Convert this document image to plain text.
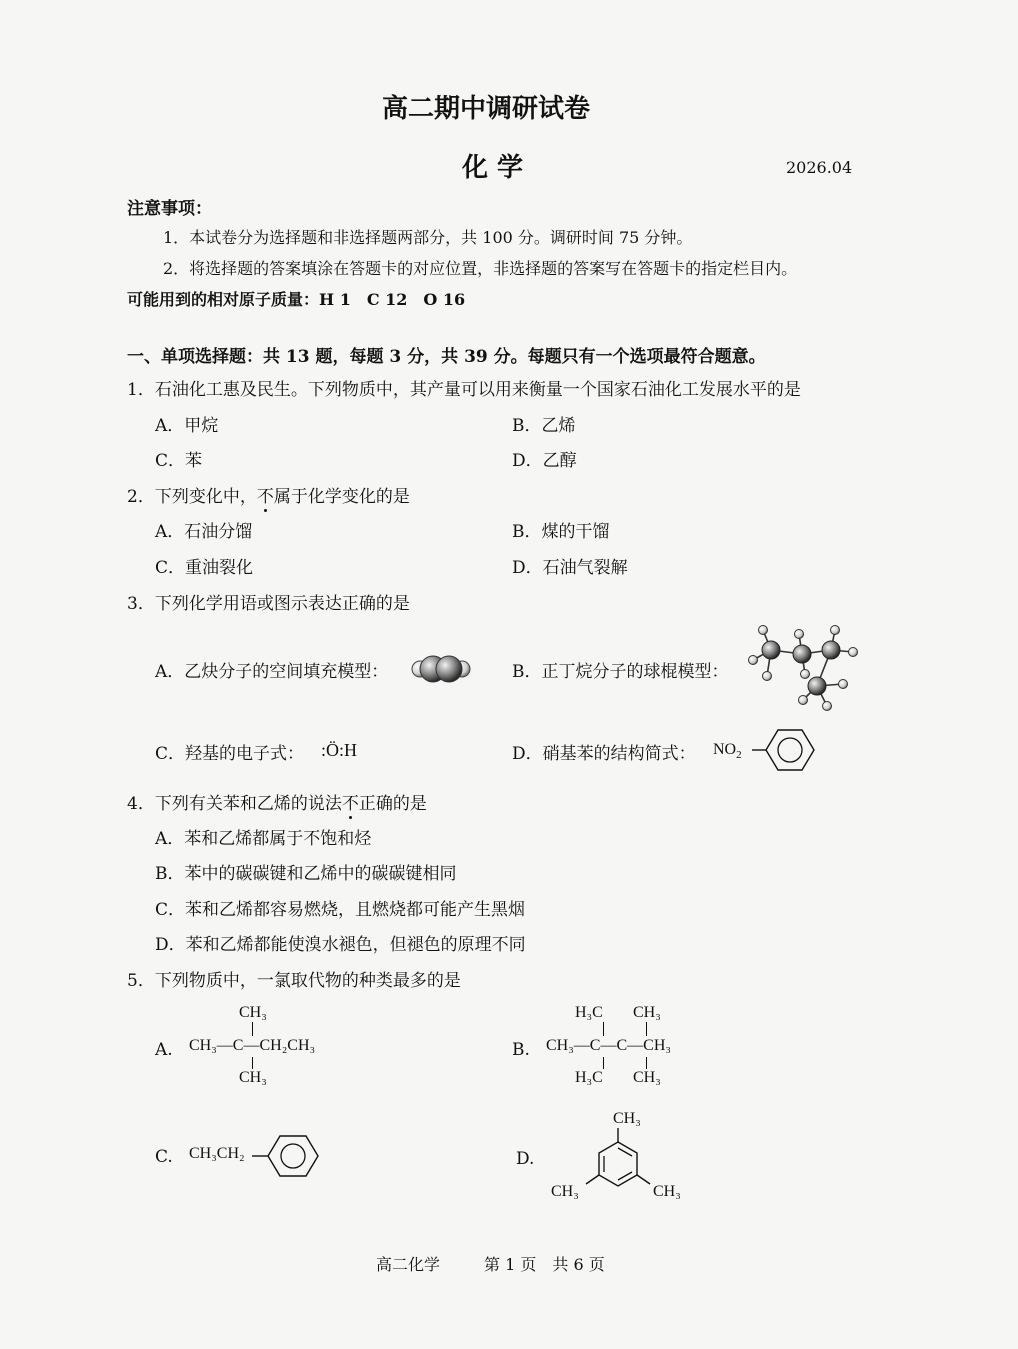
高二期中调研试卷
化 学	2026.04
注意事项：
1．本试卷分为选择题和非选择题两部分，共 100 分。调研时间 75 分钟。
2．将选择题的答案填涂在答题卡的对应位置，非选择题的答案写在答题卡的指定栏目内。
可能用到的相对原子质量：H 1　C 12　O 16
一、单项选择题：共 13 题，每题 3 分，共 39 分。每题只有一个选项最符合题意。
1．石油化工惠及民生。下列物质中，其产量可以用来衡量一个国家石油化工发展水平的是
A．甲烷	B．乙烯
C．苯	D．乙醇
2．下列变化中，不属于化学变化的是
A．石油分馏	B．煤的干馏
C．重油裂化	D．石油气裂解
3．下列化学用语或图示表达正确的是
A．乙炔分子的空间填充模型：	B．正丁烷分子的球棍模型：
C．羟基的电子式： :Ö:H	D．硝基苯的结构简式： $NO_2$
4．下列有关苯和乙烯的说法不正确的是
A．苯和乙烯都属于不饱和烃
B．苯中的碳碳键和乙烯中的碳碳键相同
C．苯和乙烯都容易燃烧，且燃烧都可能产生黑烟
D．苯和乙烯都能使溴水褪色，但褪色的原理不同
5．下列物质中，一氯取代物的种类最多的是
A.
CH₃
CH₃—C—CH₂CH₃
CH₃
B.
H₃C CH₃
CH₃—C—C—CH₃
H₃C CH₃
C. CH₃CH₂	D.
CH₃
CH₃	CH₃
高二化学	第 1 页　共 6 页
